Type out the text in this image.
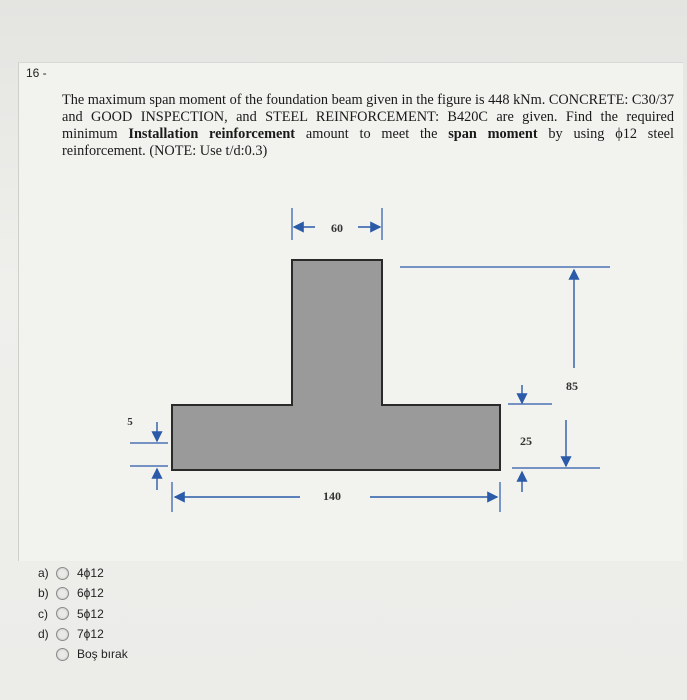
16 -
The maximum span moment of the foundation beam given in the figure is 448 kNm. CONCRETE: C30/37 and GOOD INSPECTION, and STEEL REINFORCEMENT: B420C are given. Find the required minimum Installation reinforcement amount to meet the span moment by using ϕ12 steel reinforcement. (NOTE: Use t/d:0.3)
60
85
25
140
5
a) 4ϕ12
b) 6ϕ12
c)	5ϕ12
d) 7ϕ12
Boş bırak
